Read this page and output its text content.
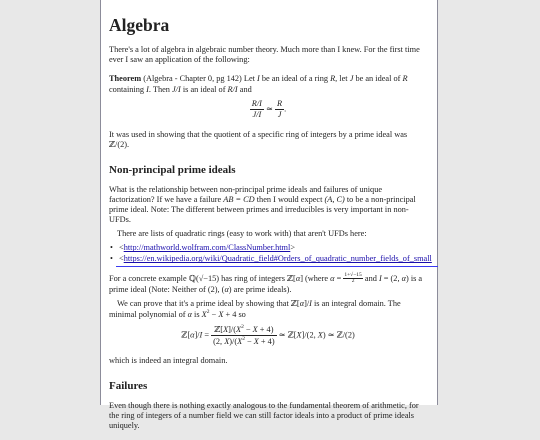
Algebra

There's a lot of algebra in algebraic number theory. Much more than I knew. For the first time ever I saw an application of the following:

Theorem (Algebra - Chapter 0, pg 142) Let I be an ideal of a ring R, let J be an ideal of R containing I. Then J/I is an ideal of R/I and

$\frac{R/I}{J/I}$ ≃ $\frac{R}{J}$ .

It was used in showing that the quotient of a specific ring of integers by a prime ideal was ℤ/(2).

Non-principal prime ideals

What is the relationship between non-principal prime ideals and failures of unique factorization? If we have a failure AB = CD then I would expect (A, C) to be a non-principal prime ideal. Note: The different between primes and irreducibles is very important in non-UFDs.

There are lists of quadratic rings (easy to work with) that aren't UFDs here:

• <http://mathworld.wolfram.com/ClassNumber.html>
• <https://en.wikipedia.org/wiki/Quadratic_field#Orders_of_quadratic_number_fields_of_small

For a concrete example ℚ(√−15) has ring of integers ℤ[α] (where $\alpha = \frac{1+√-15}{2}$ and I = (2, α) is a prime ideal (Note: Neither of (2), (α) are prime ideals).

We can prove that it's a prime ideal by showing that ℤ[α]/I is an integral domain. The minimal polynomial of α is $X^2 - X + 4$ so

ℤ[α]/I = $\frac{ℤ[X]/(X^2 - X + 4)}{(2, X)/(X^2 - X + 4)}$ ≃ ℤ[X]/(2, X) ≃ ℤ/(2)

which is indeed an integral domain.

Failures

Even though there is nothing exactly analogous to the fundamental theorem of arithmetic, for the ring of integers of a number field we can still factor ideals into a product of prime ideals uniquely.
